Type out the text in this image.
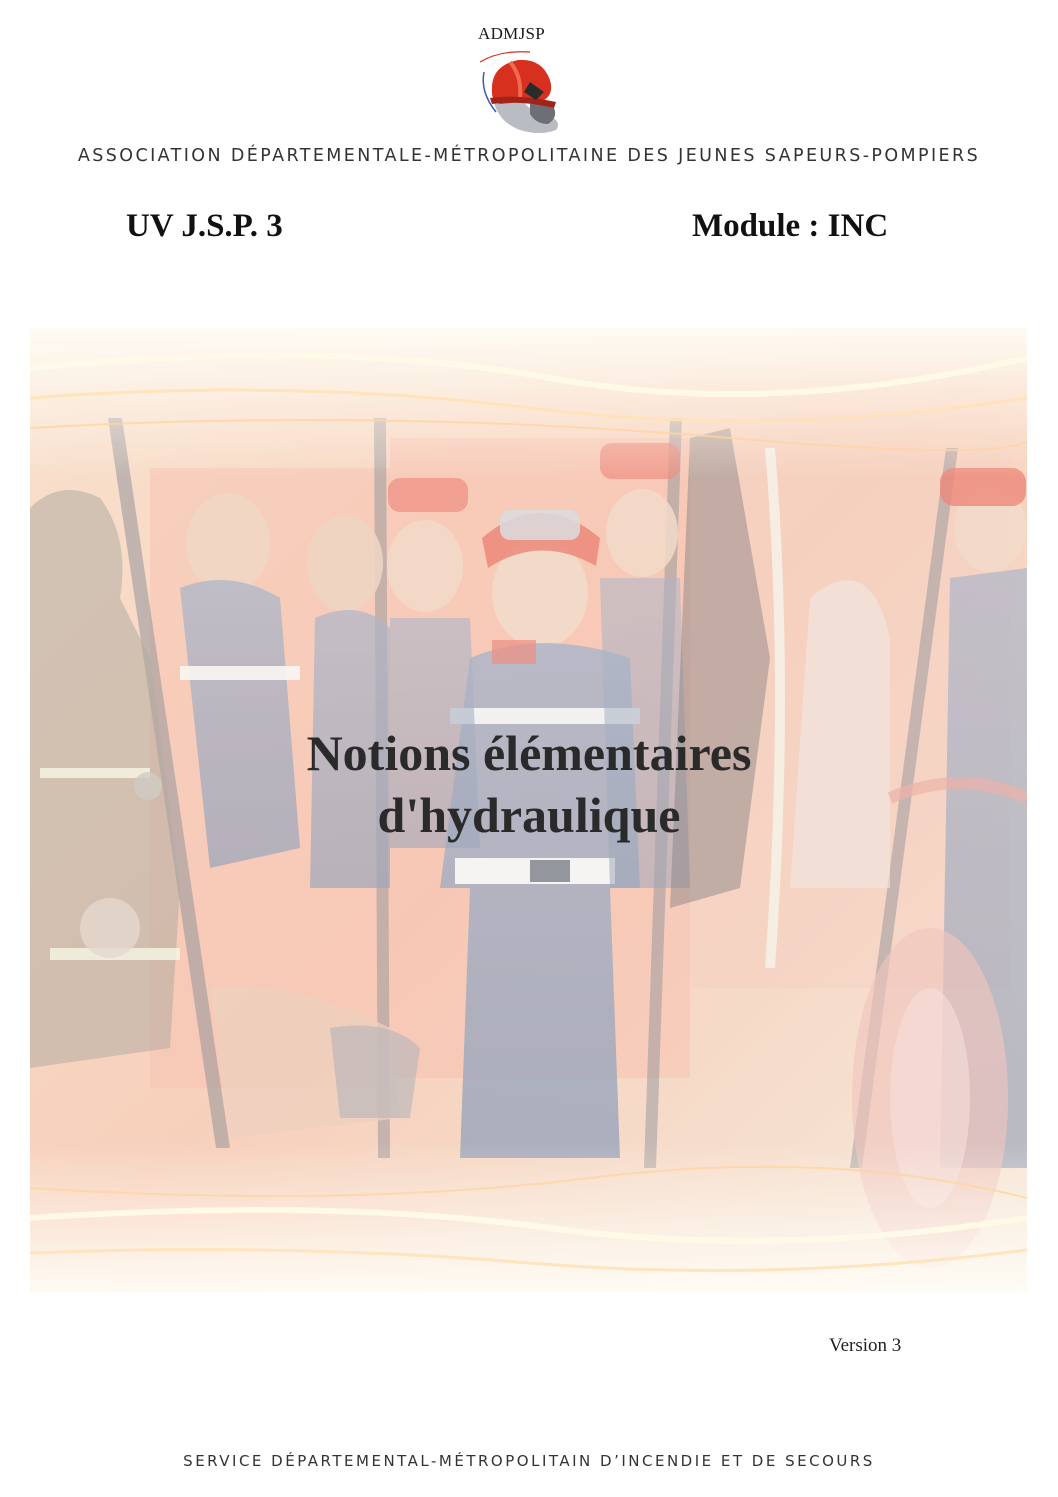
ADMJSP
ASSOCIATION DÉPARTEMENTALE-MÉTROPOLITAINE DES JEUNES SAPEURS-POMPIERS
UV J.S.P. 3	Module : INC
Notions élémentaires
d'hydraulique
Version 3
SERVICE DÉPARTEMENTAL-MÉTROPOLITAIN D’INCENDIE ET DE SECOURS
